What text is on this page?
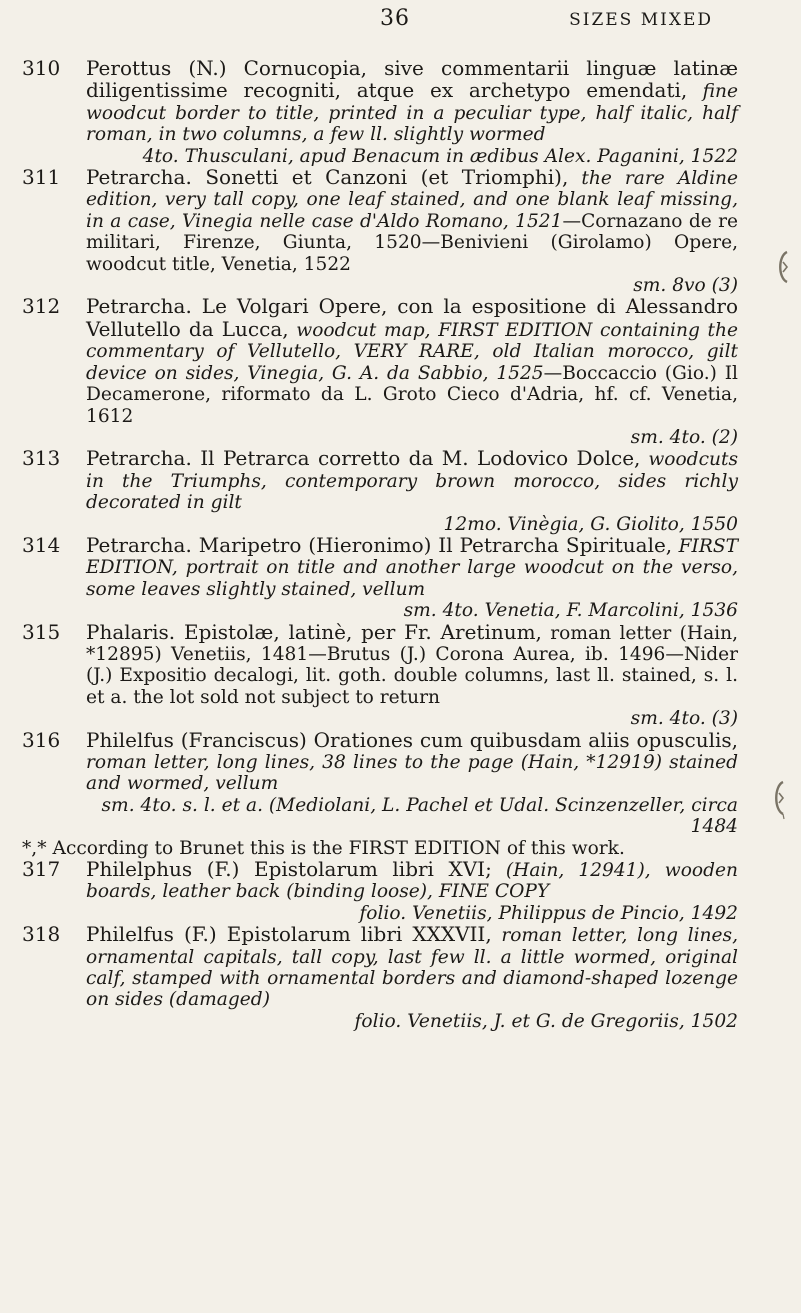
36	SIZES MIXED
310 Perottus (N.) Cornucopia, sive commentarii linguæ latinæ diligentissime recogniti, atque ex archetypo emendati, fine woodcut border to title, printed in a peculiar type, half italic, half roman, in two columns, a few ll. slightly wormed
4to. Thusculani, apud Benacum in ædibus Alex. Paganini, 1522
311 Petrarcha. Sonetti et Canzoni (et Triomphi), the rare Aldine edition, very tall copy, one leaf stained, and one blank leaf missing, in a case, Vinegia nelle case d'Aldo Romano, 1521—Cornazano de re militari, Firenze, Giunta, 1520—Benivieni (Girolamo) Opere, woodcut title, Venetia, 1522
sm. 8vo (3)
312 Petrarcha. Le Volgari Opere, con la espositione di Alessandro Vellutello da Lucca, woodcut map, FIRST EDITION containing the commentary of Vellutello, VERY RARE, old Italian morocco, gilt device on sides, Vinegia, G. A. da Sabbio, 1525—Boccaccio (Gio.) Il Decamerone, riformato da L. Groto Cieco d'Adria, hf. cf. Venetia, 1612
sm. 4to. (2)
313 Petrarcha. Il Petrarca corretto da M. Lodovico Dolce, woodcuts in the Triumphs, contemporary brown morocco, sides richly decorated in gilt
12mo. Vinègia, G. Giolito, 1550
314 Petrarcha. Maripetro (Hieronimo) Il Petrarcha Spirituale, FIRST EDITION, portrait on title and another large woodcut on the verso, some leaves slightly stained, vellum
sm. 4to. Venetia, F. Marcolini, 1536
315 Phalaris. Epistolæ, latinè, per Fr. Aretinum, roman letter (Hain, *12895) Venetiis, 1481—Brutus (J.) Corona Aurea, ib. 1496—Nider (J.) Expositio decalogi, lit. goth. double columns, last ll. stained, s. l. et a. the lot sold not subject to return
sm. 4to. (3)
316 Philelfus (Franciscus) Orationes cum quibusdam aliis opusculis, roman letter, long lines, 38 lines to the page (Hain, *12919) stained and wormed, vellum
sm. 4to. s. l. et a. (Mediolani, L. Pachel et Udal. Scinzenzeller, circa 1484
*,* According to Brunet this is the FIRST EDITION of this work.
317 Philelphus (F.) Epistolarum libri XVI; (Hain, 12941), wooden boards, leather back (binding loose), FINE COPY
folio. Venetiis, Philippus de Pincio, 1492
318 Philelfus (F.) Epistolarum libri XXXVII, roman letter, long lines, ornamental capitals, tall copy, last few ll. a little wormed, original calf, stamped with ornamental borders and diamond-shaped lozenge on sides (damaged)
folio. Venetiis, J. et G. de Gregoriis, 1502
